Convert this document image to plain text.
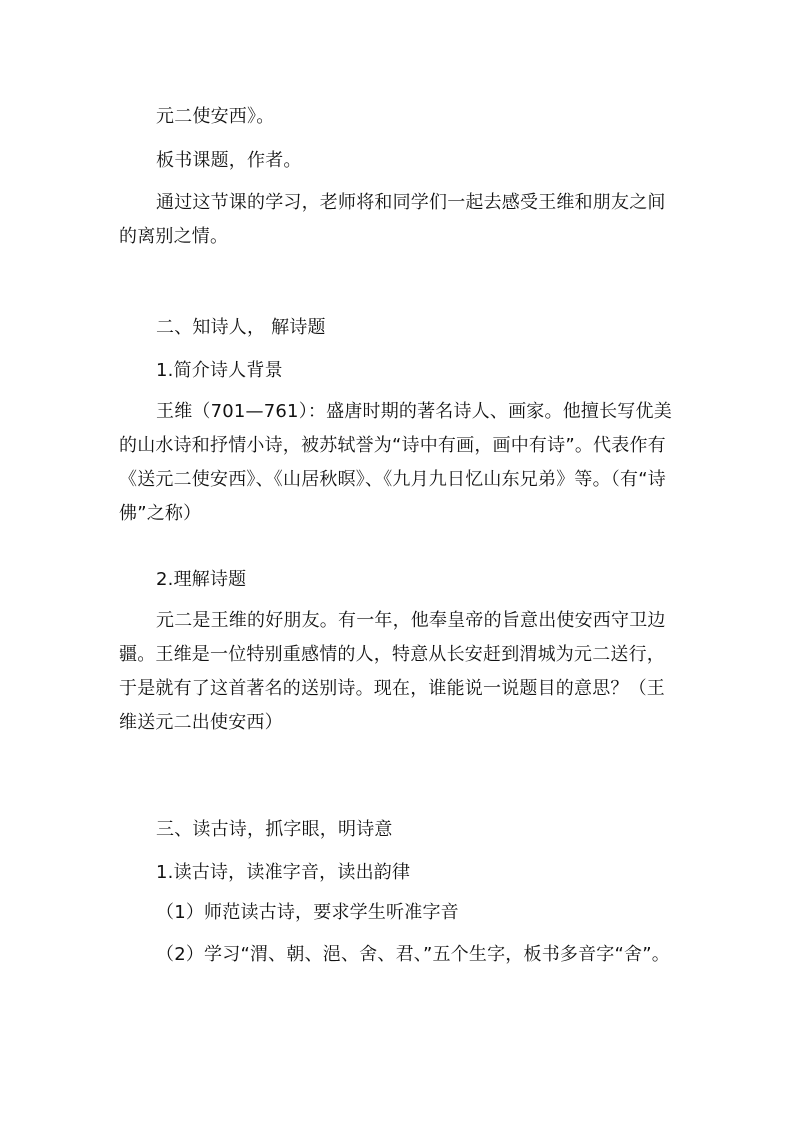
元二使安西》。

板书课题，作者。

通过这节课的学习，老师将和同学们一起去感受王维和朋友之间的离别之情。

二、知诗人， 解诗题

1.简介诗人背景

王维（701—761）：盛唐时期的著名诗人、画家。他擅长写优美的山水诗和抒情小诗，被苏轼誉为“诗中有画，画中有诗”。代表作有《送元二使安西》、《山居秋暝》、《九月九日忆山东兄弟》等。（有“诗佛”之称）

2.理解诗题

元二是王维的好朋友。有一年，他奉皇帝的旨意出使安西守卫边疆。王维是一位特别重感情的人，特意从长安赶到渭城为元二送行，于是就有了这首著名的送别诗。现在，谁能说一说题目的意思？（王维送元二出使安西）

三、读古诗，抓字眼，明诗意

1.读古诗，读准字音，读出韵律

（1）师范读古诗，要求学生听准字音

（2）学习“渭、朝、浥、舍、君、”五个生字，板书多音字“舍”。
